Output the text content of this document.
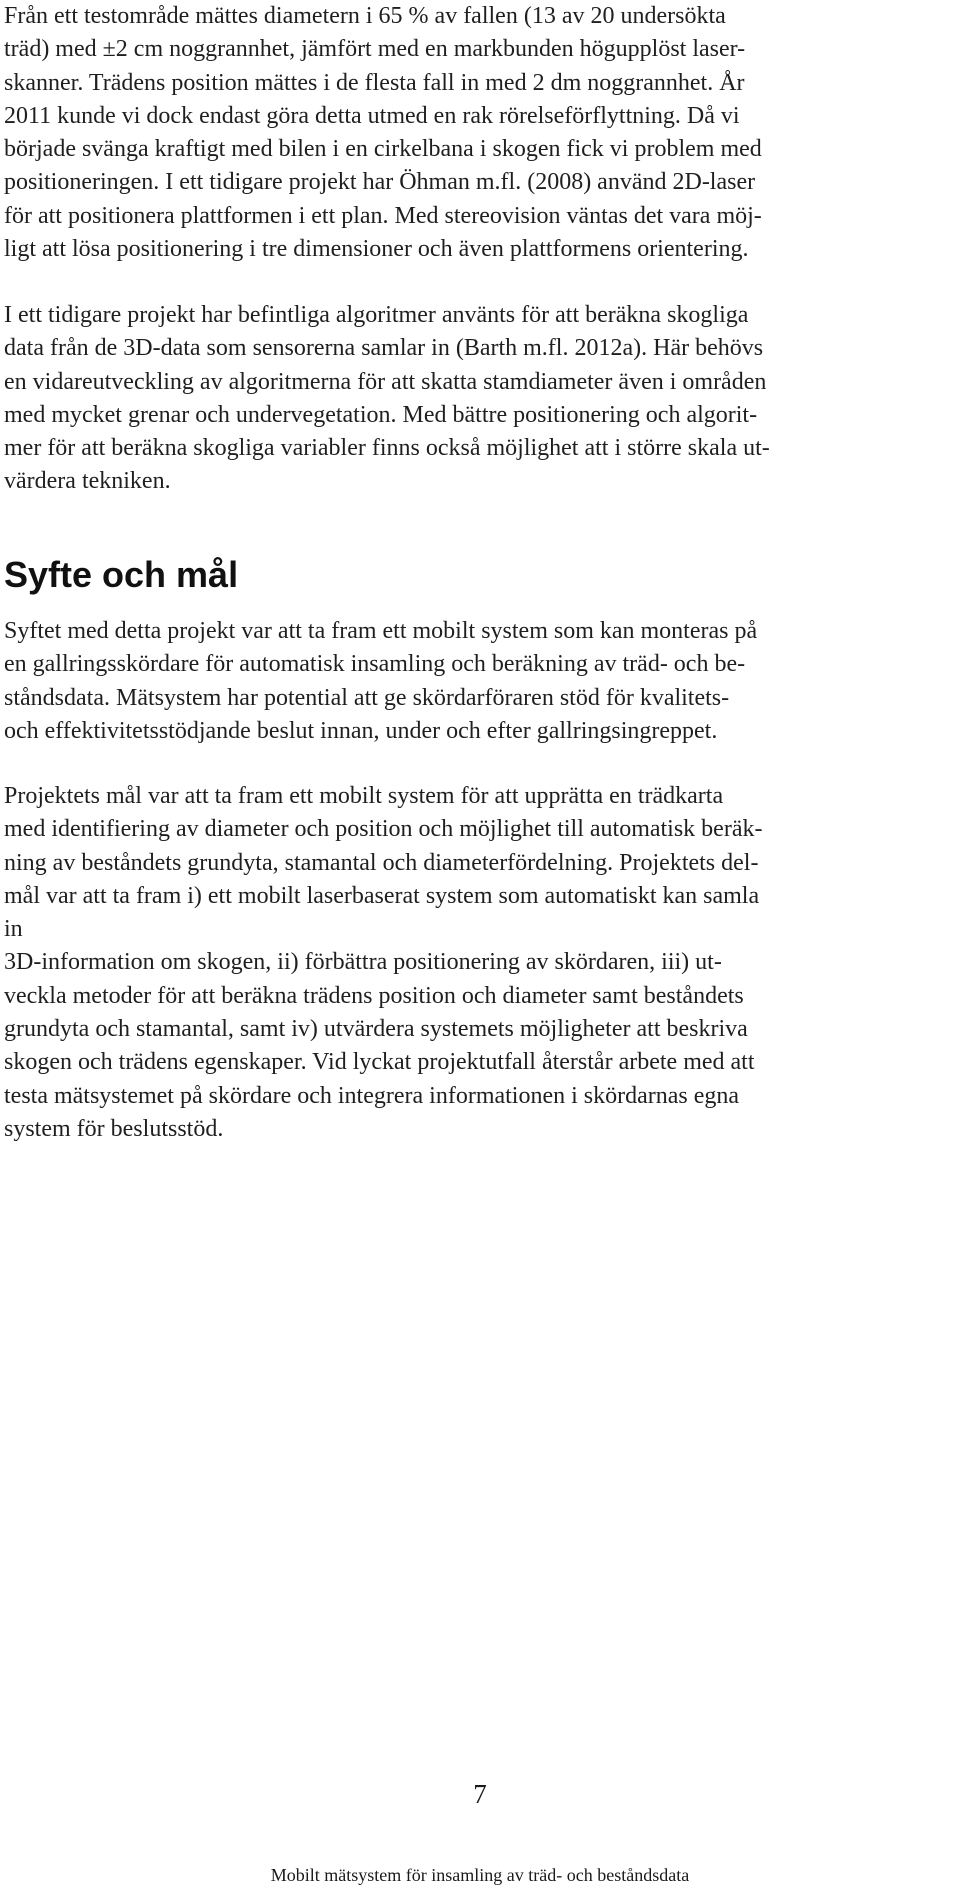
Från ett testområde mättes diametern i 65 % av fallen (13 av 20 undersökta
träd) med ±2 cm noggrannhet, jämfört med en markbunden högupplöst laser-
skanner. Trädens position mättes i de flesta fall in med 2 dm noggrannhet. År
2011 kunde vi dock endast göra detta utmed en rak rörelseförflyttning. Då vi
började svänga kraftigt med bilen i en cirkelbana i skogen fick vi problem med
positioneringen. I ett tidigare projekt har Öhman m.fl. (2008) använd 2D-laser
för att positionera plattformen i ett plan. Med stereovision väntas det vara möj-
ligt att lösa positionering i tre dimensioner och även plattformens orientering.

I ett tidigare projekt har befintliga algoritmer använts för att beräkna skogliga
data från de 3D-data som sensorerna samlar in (Barth m.fl. 2012a). Här behövs
en vidareutveckling av algoritmerna för att skatta stamdiameter även i områden
med mycket grenar och undervegetation. Med bättre positionering och algorit-
mer för att beräkna skogliga variabler finns också möjlighet att i större skala ut-
värdera tekniken.

Syfte och mål

Syftet med detta projekt var att ta fram ett mobilt system som kan monteras på
en gallringsskördare för automatisk insamling och beräkning av träd- och be-
ståndsdata. Mätsystem har potential att ge skördarföraren stöd för kvalitets-
och effektivitetsstödjande beslut innan, under och efter gallringsingreppet.

Projektets mål var att ta fram ett mobilt system för att upprätta en trädkarta
med identifiering av diameter och position och möjlighet till automatisk beräk-
ning av beståndets grundyta, stamantal och diameterfördelning. Projektets del-
mål var att ta fram i) ett mobilt laserbaserat system som automatiskt kan samla
in
3D-information om skogen, ii) förbättra positionering av skördaren, iii) ut-
veckla metoder för att beräkna trädens position och diameter samt beståndets
grundyta och stamantal, samt iv) utvärdera systemets möjligheter att beskriva
skogen och trädens egenskaper. Vid lyckat projektutfall återstår arbete med att
testa mätsystemet på skördare och integrera informationen i skördarnas egna
system för beslutsstöd.

7
Mobilt mätsystem för insamling av träd- och beståndsdata
